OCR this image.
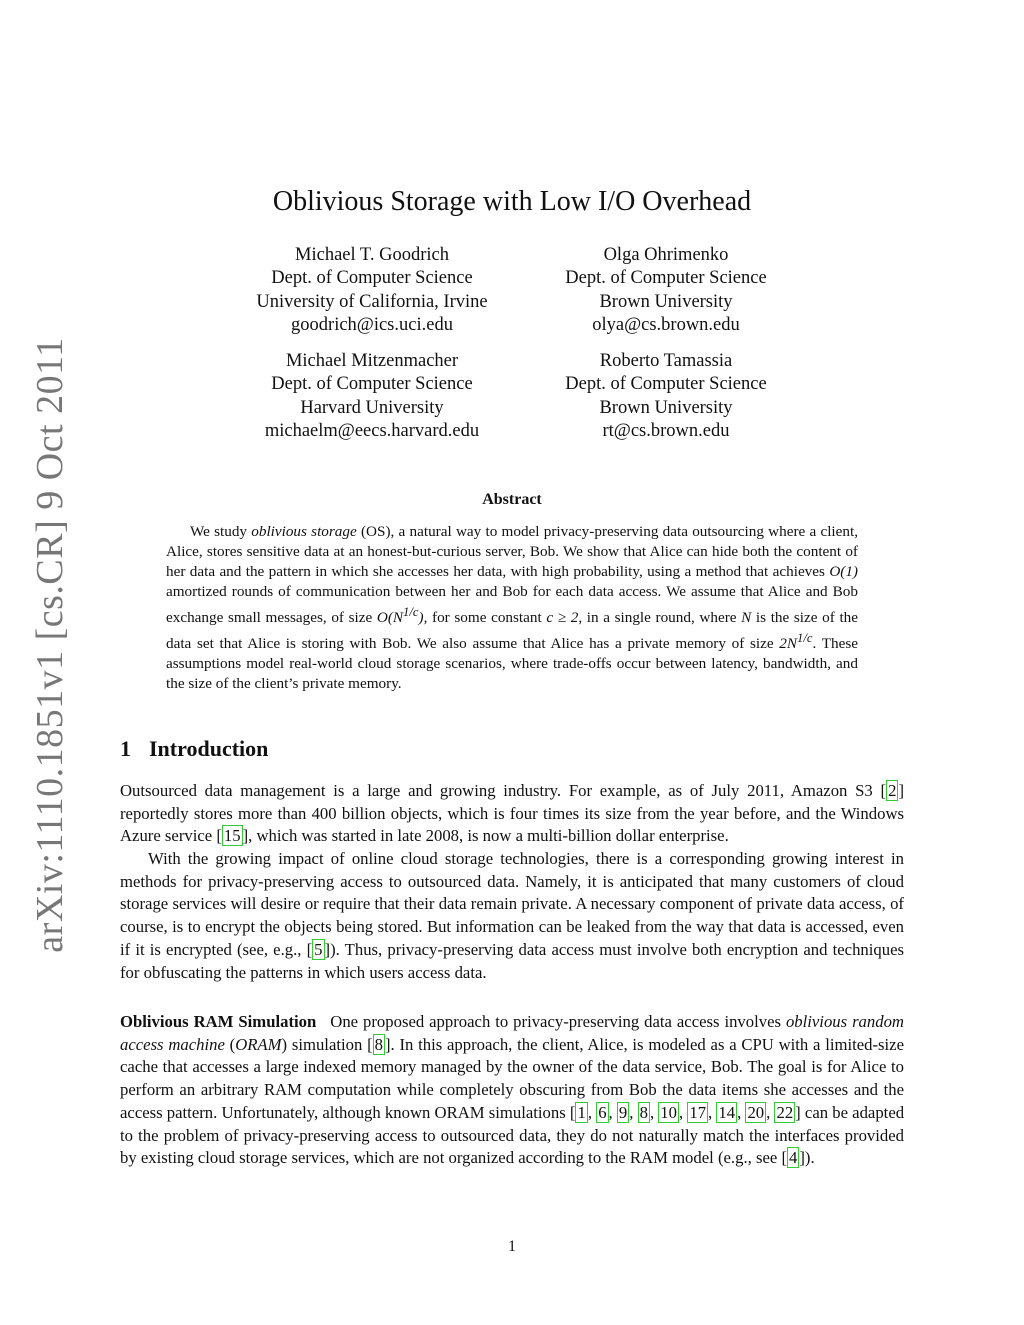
arXiv:1110.1851v1 [cs.CR] 9 Oct 2011
Oblivious Storage with Low I/O Overhead
Michael T. Goodrich
Dept. of Computer Science
University of California, Irvine
goodrich@ics.uci.edu
Olga Ohrimenko
Dept. of Computer Science
Brown University
olya@cs.brown.edu
Michael Mitzenmacher
Dept. of Computer Science
Harvard University
michaelm@eecs.harvard.edu
Roberto Tamassia
Dept. of Computer Science
Brown University
rt@cs.brown.edu
Abstract

We study oblivious storage (OS), a natural way to model privacy-preserving data outsourcing where a client, Alice, stores sensitive data at an honest-but-curious server, Bob. We show that Alice can hide both the content of her data and the pattern in which she accesses her data, with high probability, using a method that achieves O(1) amortized rounds of communication between her and Bob for each data access. We assume that Alice and Bob exchange small messages, of size $O(N^{1/c})$, for some constant c ≥ 2, in a single round, where N is the size of the data set that Alice is storing with Bob. We also assume that Alice has a private memory of size $2N^{1/c}$. These assumptions model real-world cloud storage scenarios, where trade-offs occur between latency, bandwidth, and the size of the client’s private memory.

1 Introduction

Outsourced data management is a large and growing industry. For example, as of July 2011, Amazon S3 [ 2 ] reportedly stores more than 400 billion objects, which is four times its size from the year before, and the Windows Azure service [ 15 ], which was started in late 2008, is now a multi-billion dollar enterprise.

With the growing impact of online cloud storage technologies, there is a corresponding growing interest in methods for privacy-preserving access to outsourced data. Namely, it is anticipated that many customers of cloud storage services will desire or require that their data remain private. A necessary component of private data access, of course, is to encrypt the objects being stored. But information can be leaked from the way that data is accessed, even if it is encrypted (see, e.g., [ 5 ]). Thus, privacy-preserving data access must involve both encryption and techniques for obfuscating the patterns in which users access data.

Oblivious RAM Simulation One proposed approach to privacy-preserving data access involves oblivious random access machine (ORAM) simulation [ 8 ]. In this approach, the client, Alice, is modeled as a CPU with a limited-size cache that accesses a large indexed memory managed by the owner of the data service, Bob. The goal is for Alice to perform an arbitrary RAM computation while completely obscuring from Bob the data items she accesses and the access pattern. Unfortunately, although known ORAM simulations [ 1 , 6 , 9 , 8 , 10 , 17 , 14 , 20 , 22 ] can be adapted to the problem of privacy-preserving access to outsourced data, they do not naturally match the interfaces provided by existing cloud storage services, which are not organized according to the RAM model (e.g., see [ 4 ]).

1
